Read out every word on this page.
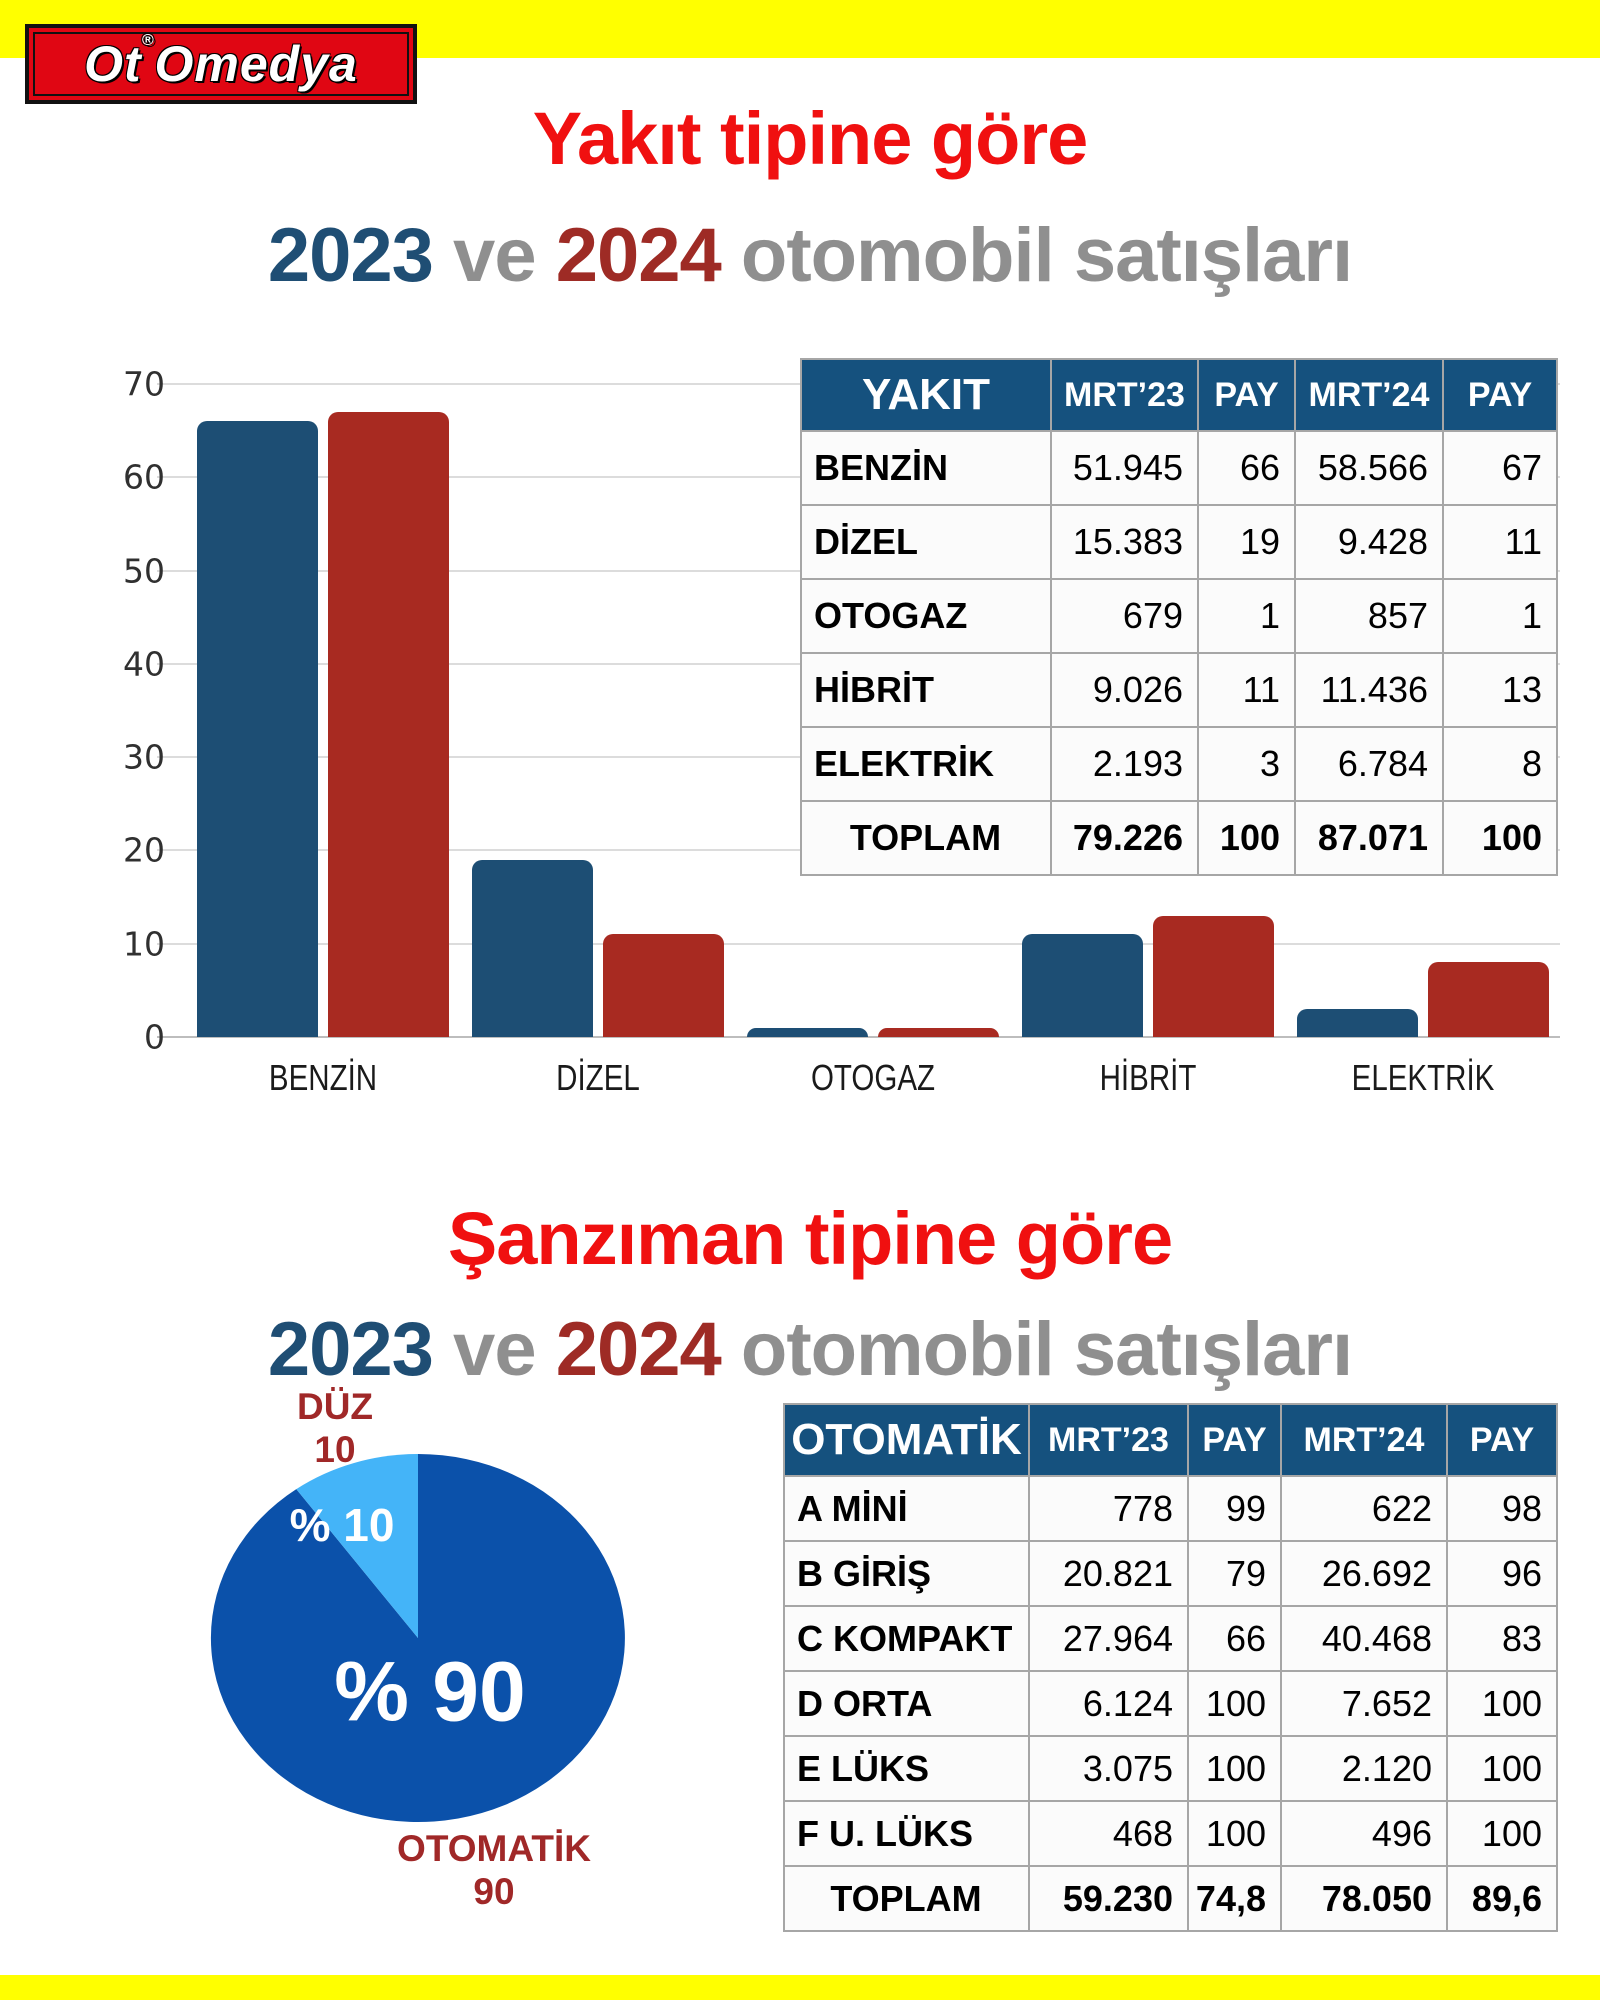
Ot®Omedya
Yakıt tipine göre
2023 ve 2024 otomobil satışları
70
60
50
40
30
20
10
0
BENZİN	DİZEL	OTOGAZ	HİBRİT	ELEKTRİK
YAKIT	MRT’23	PAY	MRT’24	PAY
BENZİN	51.945	66	58.566	67
DİZEL	15.383	19	9.428	11
OTOGAZ	679	1	857	1
HİBRİT	9.026	11	11.436	13
ELEKTRİK	2.193	3	6.784	8
TOPLAM	79.226	100	87.071	100
Şanzıman tipine göre
2023 ve 2024 otomobil satışları
DÜZ
10
% 10
% 90
OTOMATİK
90
OTOMATİK	MRT’23	PAY	MRT’24	PAY
A MİNİ	778	99	622	98
B GİRİŞ	20.821	79	26.692	96
C KOMPAKT	27.964	66	40.468	83
D ORTA	6.124	100	7.652	100
E LÜKS	3.075	100	2.120	100
F U. LÜKS	468	100	496	100
TOPLAM	59.230	74,8	78.050	89,6
